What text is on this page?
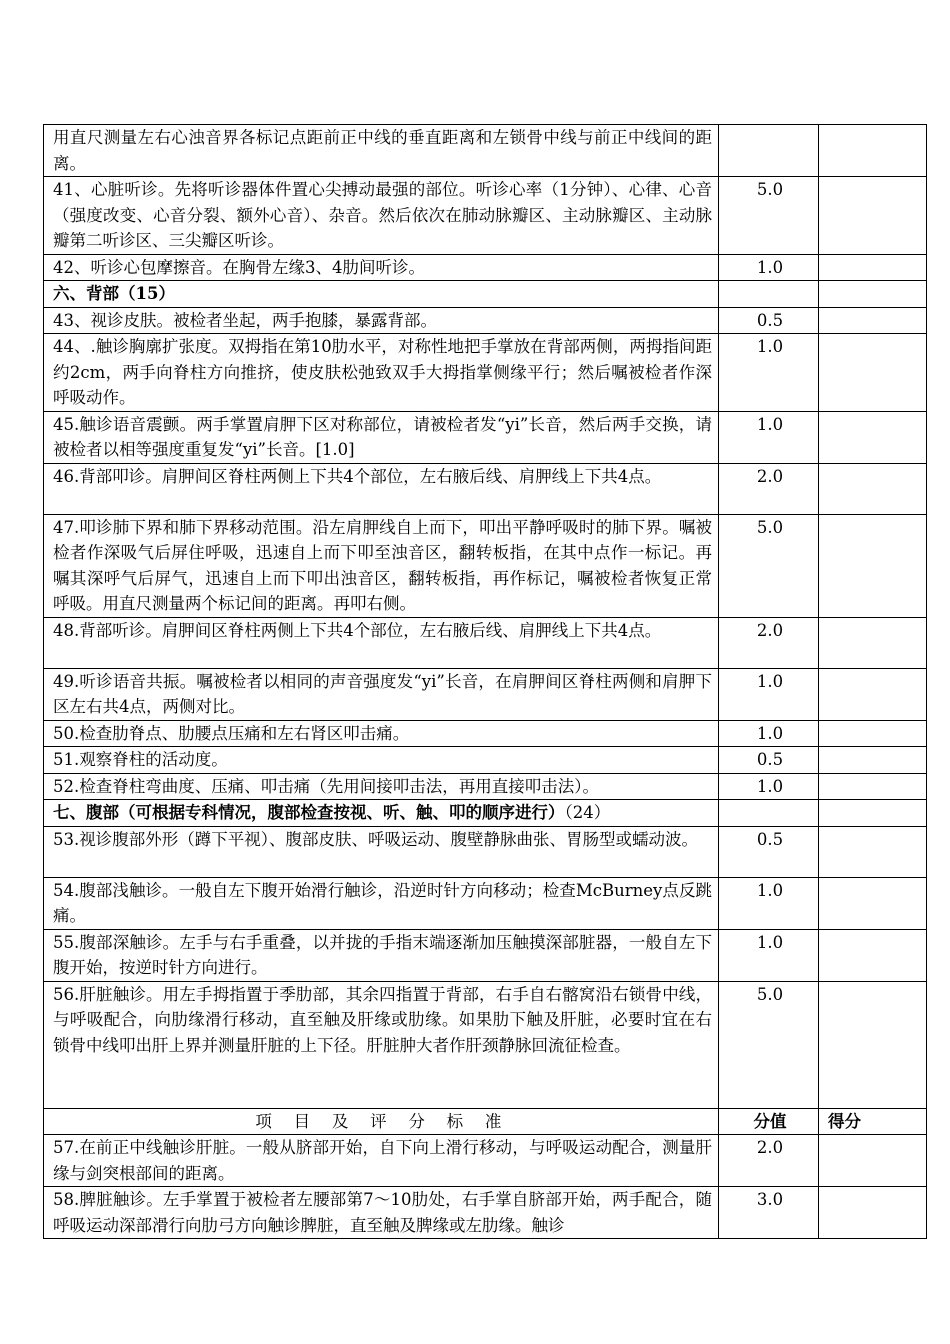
用直尺测量左右心浊音界各标记点距前正中线的垂直距离和左锁骨中线与前正中线间的距离。		
41、心脏听诊。先将听诊器体件置心尖搏动最强的部位。听诊心率（1分钟）、心律、心音（强度改变、心音分裂、额外心音）、杂音。然后依次在肺动脉瓣区、主动脉瓣区、主动脉瓣第二听诊区、三尖瓣区听诊。	5.0	
42、听诊心包摩擦音。在胸骨左缘3、4肋间听诊。	1.0	
六、背部（15）		
43、视诊皮肤。被检者坐起，两手抱膝，暴露背部。	0.5	
44、.触诊胸廓扩张度。双拇指在第10肋水平，对称性地把手掌放在背部两侧，两拇指间距约2cm，两手向脊柱方向推挤，使皮肤松弛致双手大拇指掌侧缘平行；然后嘱被检者作深呼吸动作。	1.0	
45.触诊语音震颤。两手掌置肩胛下区对称部位，请被检者发“yi”长音，然后两手交换，请被检者以相等强度重复发“yi”长音。[1.0]	1.0	
46.背部叩诊。肩胛间区脊柱两侧上下共4个部位，左右腋后线、肩胛线上下共4点。	2.0	
47.叩诊肺下界和肺下界移动范围。沿左肩胛线自上而下，叩出平静呼吸时的肺下界。嘱被检者作深吸气后屏住呼吸，迅速自上而下叩至浊音区，翻转板指，在其中点作一标记。再嘱其深呼气后屏气，迅速自上而下叩出浊音区，翻转板指，再作标记，嘱被检者恢复正常呼吸。用直尺测量两个标记间的距离。再叩右侧。	5.0	
48.背部听诊。肩胛间区脊柱两侧上下共4个部位，左右腋后线、肩胛线上下共4点。	2.0	
49.听诊语音共振。嘱被检者以相同的声音强度发“yi”长音，在肩胛间区脊柱两侧和肩胛下区左右共4点，两侧对比。	1.0	
50.检查肋脊点、肋腰点压痛和左右肾区叩击痛。	1.0	
51.观察脊柱的活动度。	0.5	
52.检查脊柱弯曲度、压痛、叩击痛（先用间接叩击法，再用直接叩击法）。	1.0	
七、腹部（可根据专科情况，腹部检查按视、听、触、叩的顺序进行）（24）		
53.视诊腹部外形（蹲下平视）、腹部皮肤、呼吸运动、腹壁静脉曲张、胃肠型或蠕动波。	0.5	
54.腹部浅触诊。一般自左下腹开始滑行触诊，沿逆时针方向移动；检查McBurney点反跳痛。	1.0	
55.腹部深触诊。左手与右手重叠，以并拢的手指末端逐渐加压触摸深部脏器，一般自左下腹开始，按逆时针方向进行。	1.0	
56.肝脏触诊。用左手拇指置于季肋部，其余四指置于背部，右手自右髂窝沿右锁骨中线，与呼吸配合，向肋缘滑行移动，直至触及肝缘或肋缘。如果肋下触及肝脏，必要时宜在右锁骨中线叩出肝上界并测量肝脏的上下径。肝脏肿大者作肝颈静脉回流征检查。	5.0	
项 目 及 评 分 标 准	分值	得分
57.在前正中线触诊肝脏。一般从脐部开始，自下向上滑行移动，与呼吸运动配合，测量肝缘与剑突根部间的距离。	2.0	
58.脾脏触诊。左手掌置于被检者左腰部第7～10肋处，右手掌自脐部开始，两手配合，随呼吸运动深部滑行向肋弓方向触诊脾脏，直至触及脾缘或左肋缘。触诊	3.0	
